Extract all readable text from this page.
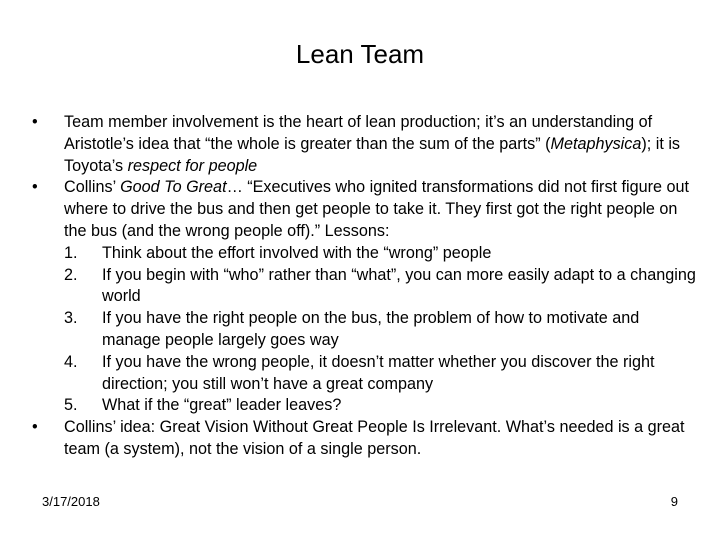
Lean Team
• Team member involvement is the heart of lean production; it’s an understanding of Aristotle’s idea that “the whole is greater than the sum of the parts” (Metaphysica); it is Toyota’s respect for people
• Collins’ Good To Great… “Executives who ignited transformations did not first figure out where to drive the bus and then get people to take it. They first got the right people on the bus (and the wrong people off).” Lessons:
1. Think about the effort involved with the “wrong” people
2. If you begin with “who” rather than “what”, you can more easily adapt to a changing world
3. If you have the right people on the bus, the problem of how to motivate and manage people largely goes way
4. If you have the wrong people, it doesn’t matter whether you discover the right direction; you still won’t have a great company
5. What if the “great” leader leaves?
• Collins’ idea: Great Vision Without Great People Is Irrelevant. What’s needed is a great team (a system), not the vision of a single person.
3/17/2018	9
